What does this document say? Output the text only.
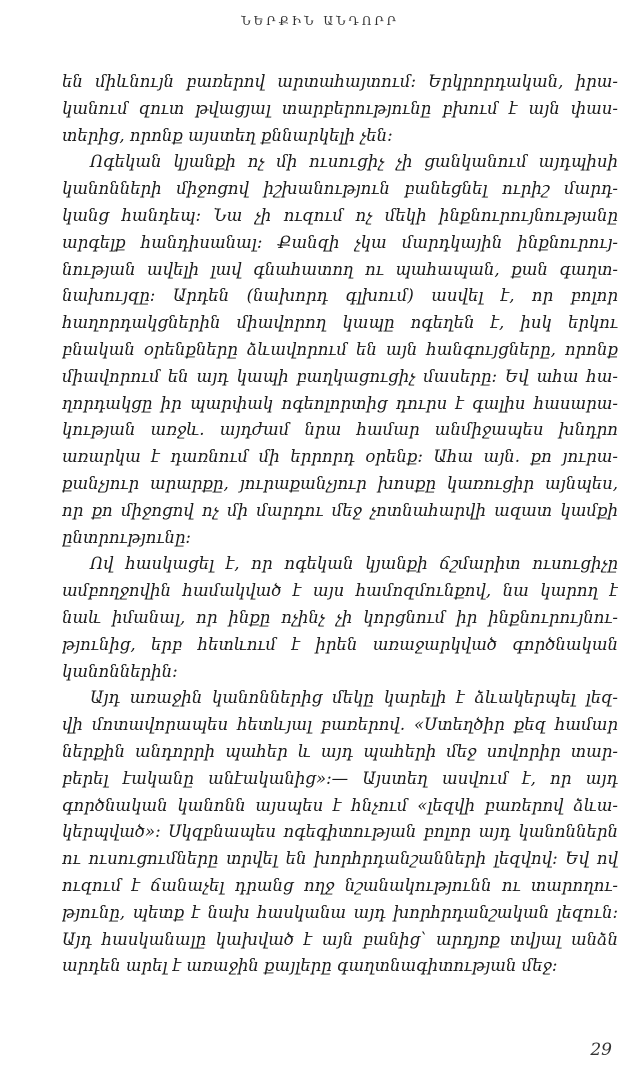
ՆԵՐՔԻՆ ԱՆԴՈՐՐ
են միևնույն բառերով արտահայտում: Երկրորդական, իրա-
կանում զուտ թվացյալ տարբերությունը բխում է այն փաս-
տերից, որոնք այստեղ քննարկելի չեն:
Ոգեկան կյանքի ոչ մի ուսուցիչ չի ցանկանում այդպիսի
կանոնների միջոցով իշխանություն բանեցնել ուրիշ մարդ-
կանց հանդեպ: Նա չի ուզում ոչ մեկի ինքնուրույնությանը
արգելք հանդիսանալ: Քանզի չկա մարդկային ինքնուրույ-
նության ավելի լավ գնահատող ու պահապան, քան գաղտ-
նախույզը: Արդեն (նախորդ գլխում) ասվել է, որ բոլոր
հաղորդակցներին միավորող կապը ոգեղեն է, իսկ երկու
բնական օրենքները ձևավորում են այն հանգույցները, որոնք
միավորում են այդ կապի բաղկացուցիչ մասերը: Եվ ահա հա-
ղորդակցը իր պարփակ ոգեոլորտից դուրս է գալիս հասարա-
կության առջև. այդժամ նրա համար անմիջապես խնդրո
առարկա է դառնում մի երրորդ օրենք: Ահա այն. քո յուրա-
քանչյուր արարքը, յուրաքանչյուր խոսքը կառուցիր այնպես,
որ քո միջոցով ոչ մի մարդու մեջ չոտնահարվի ազատ կամքի
ընտրությունը:
Ով հասկացել է, որ ոգեկան կյանքի ճշմարիտ ուսուցիչը
ամբողջովին համակված է այս համոզմունքով, նա կարող է
նաև իմանալ, որ ինքը ոչինչ չի կորցնում իր ինքնուրույնու-
թյունից, երբ հետևում է իրեն առաջարկված գործնական
կանոններին:
Այդ առաջին կանոններից մեկը կարելի է ձևակերպել լեզ-
վի մոտավորապես հետևյալ բառերով. «Ստեղծիր քեզ համար
ներքին անդորրի պահեր և այդ պահերի մեջ սովորիր տար-
բերել էականը անէականից»:— Այստեղ ասվում է, որ այդ
գործնական կանոնն այսպես է հնչում «լեզվի բառերով ձևա-
կերպված»: Սկզբնապես ոգեգիտության բոլոր այդ կանոններն
ու ուսուցումները տրվել են խորհրդանշանների լեզվով: Եվ ով
ուզում է ճանաչել դրանց ողջ նշանակությունն ու տարողու-
թյունը, պետք է նախ հասկանա այդ խորհրդանշական լեզուն:
Այդ հասկանալը կախված է այն բանից՝ արդյոք տվյալ անձն
արդեն արել է առաջին քայլերը գաղտնագիտության մեջ:
29
